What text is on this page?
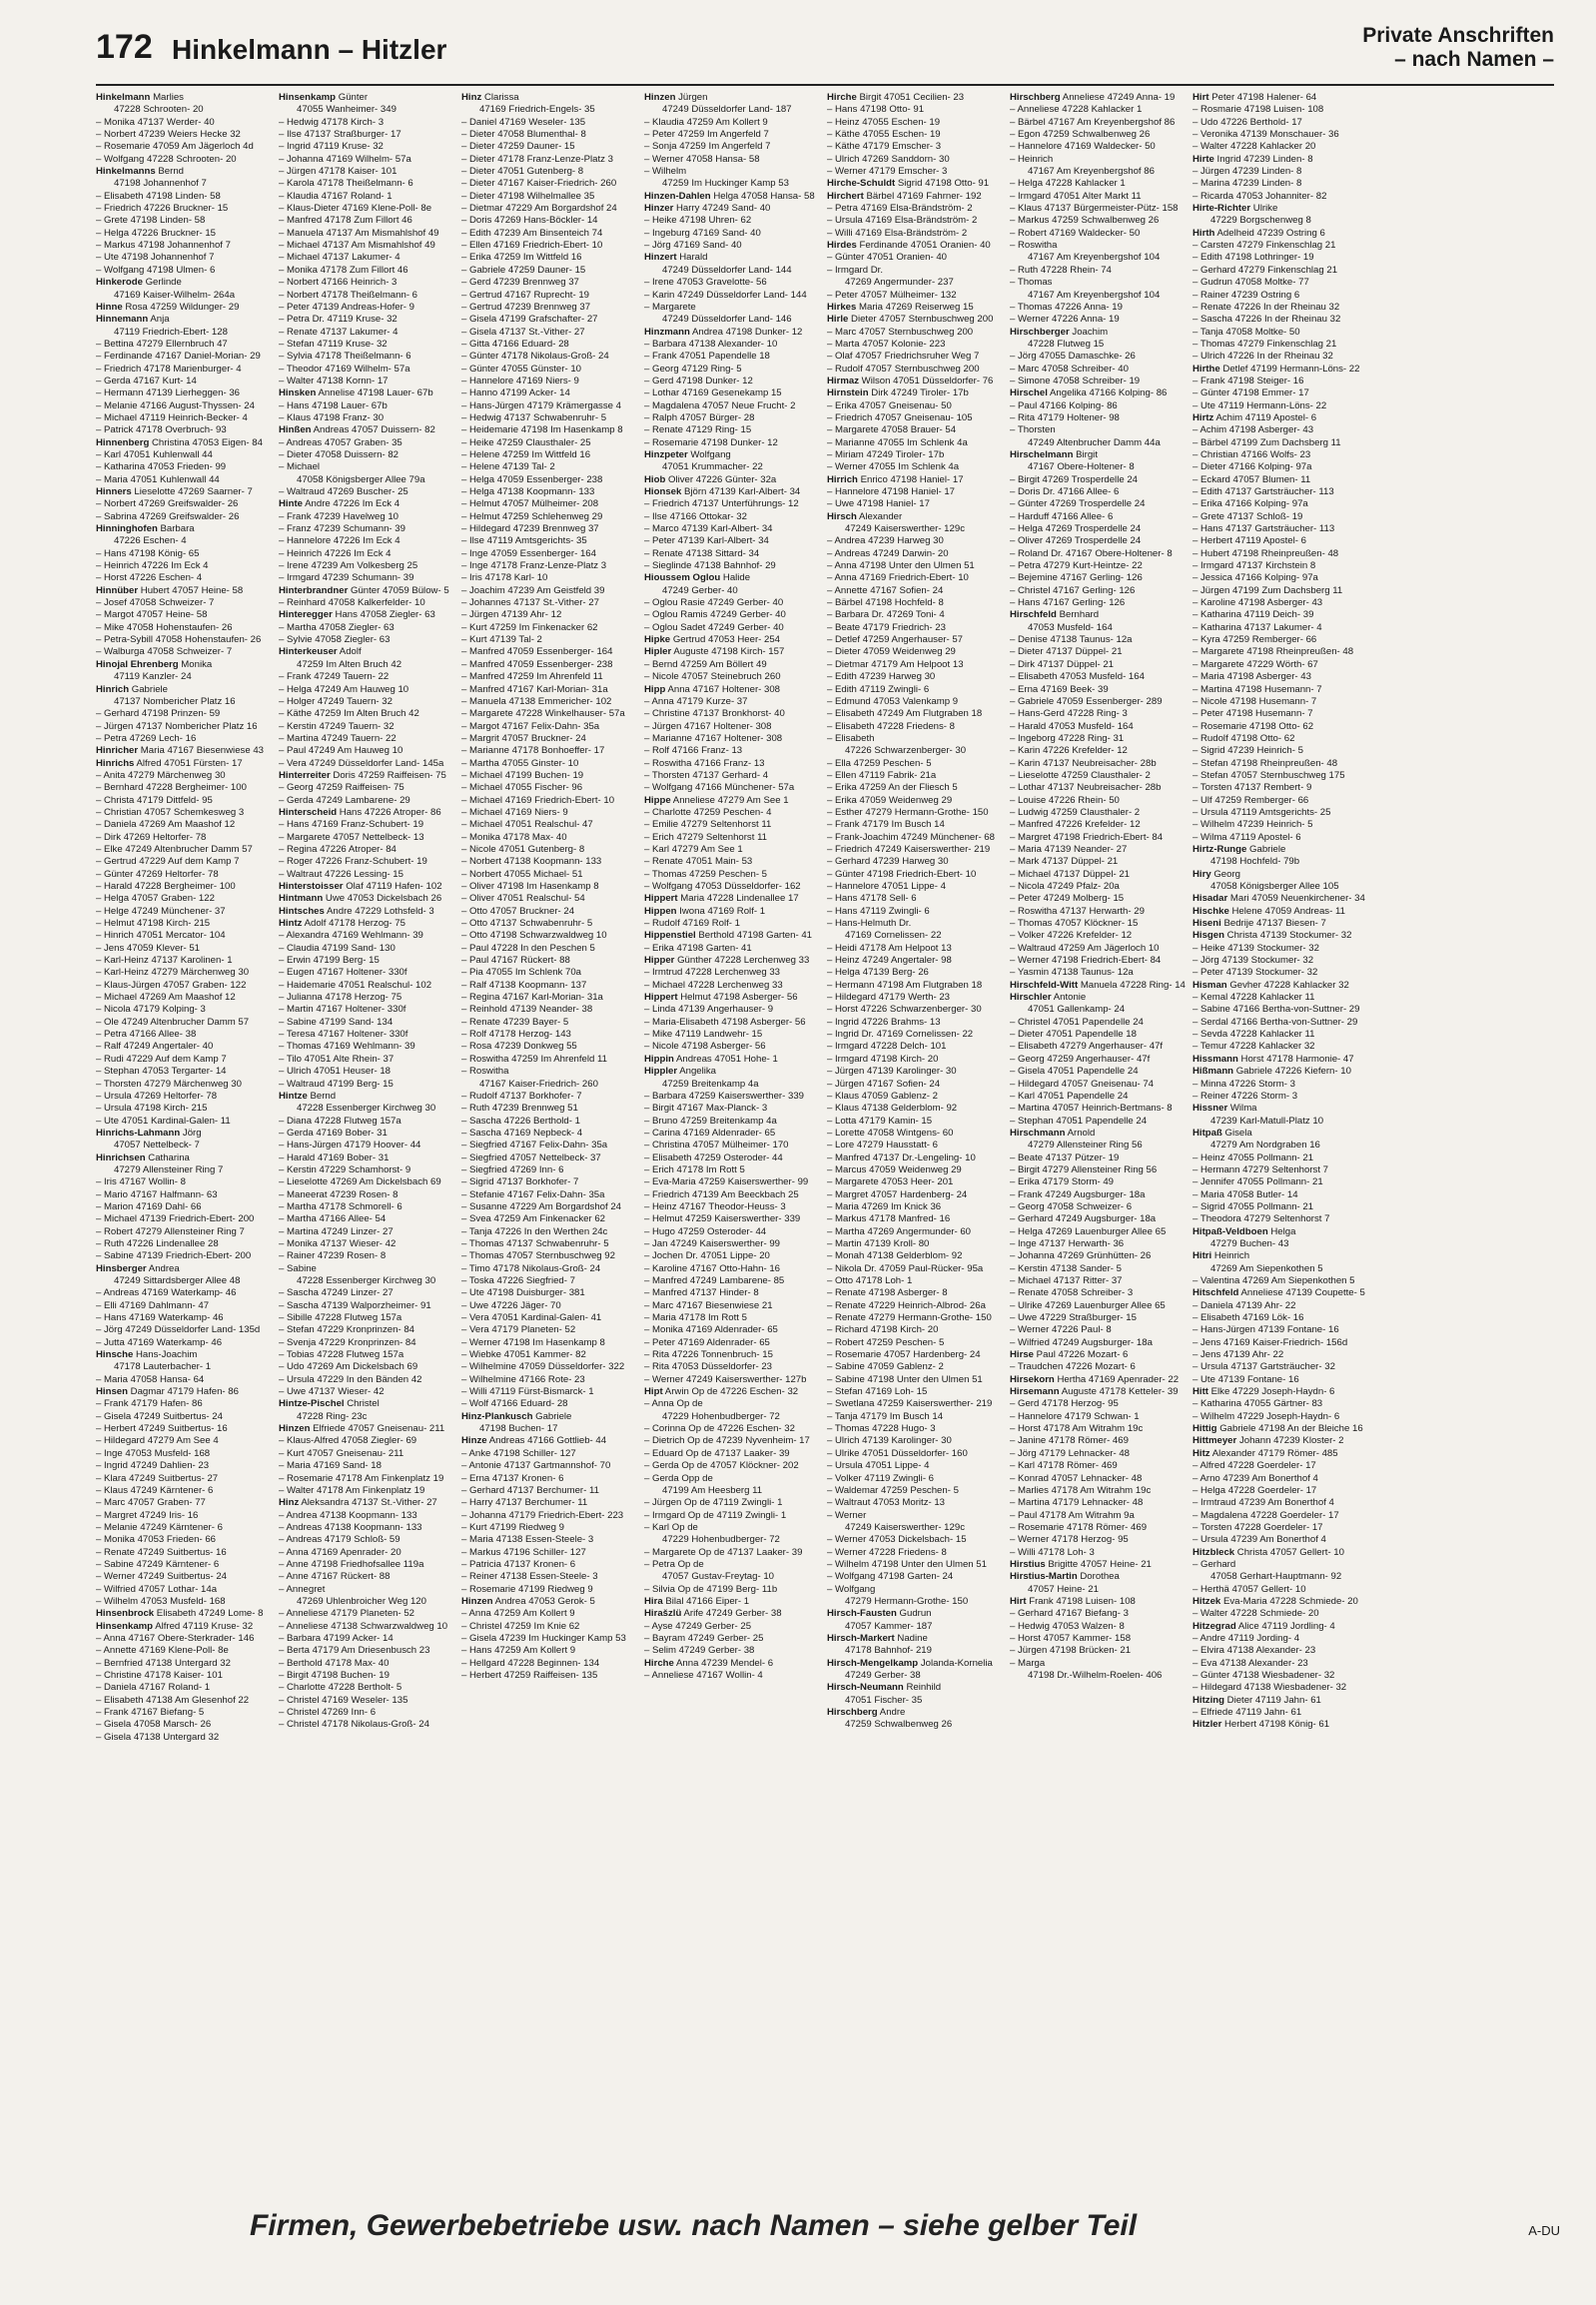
172 Hinkelmann – Hitzler	Private Anschriften
– nach Namen –
Hinkelmann Marlies
47228 Schrooten- 20
– Monika 47137 Werder- 40
– Norbert 47239 Weiers Hecke 32
– Rosemarie 47059 Am Jägerloch 4d
– Wolfgang 47228 Schrooten- 20
Hinkelmanns Bernd
47198 Johannenhof 7
– Elisabeth 47198 Linden- 58
– Friedrich 47226 Bruckner- 15
– Grete 47198 Linden- 58
– Helga 47226 Bruckner- 15
– Markus 47198 Johannenhof 7
– Ute 47198 Johannenhof 7
– Wolfgang 47198 Ulmen- 6
Hinkerode Gerlinde
47169 Kaiser-Wilhelm- 264a
Hinne Rosa 47259 Wildunger- 29
Hinnemann Anja
47119 Friedrich-Ebert- 128
– Bettina 47279 Ellernbruch 47
– Ferdinande 47167 Daniel-Morian- 29
– Friedrich 47178 Marienburger- 4
– Gerda 47167 Kurt- 14
– Hermann 47139 Lierheggen- 36
– Melanie 47166 August-Thyssen- 24
– Michael 47119 Heinrich-Becker- 4
– Patrick 47178 Overbruch- 93
Hinnenberg Christina 47053 Eigen- 84
– Karl 47051 Kuhlenwall 44
– Katharina 47053 Frieden- 99
– Maria 47051 Kuhlenwall 44
Hinners Lieselotte 47269 Saarner- 7
– Norbert 47269 Greifswalder- 26
– Sabrina 47269 Greifswalder- 26
Hinninghofen Barbara
47226 Eschen- 4
– Hans 47198 König- 65
– Heinrich 47226 Im Eck 4
– Horst 47226 Eschen- 4
Hinnüber Hubert 47057 Heine- 58
– Josef 47058 Schweizer- 7
– Margot 47057 Heine- 58
– Mike 47058 Hohenstaufen- 26
– Petra-Sybill 47058 Hohenstaufen- 26
– Walburga 47058 Schweizer- 7
Hinojal Ehrenberg Monika
47119 Kanzler- 24
Hinrich Gabriele
47137 Nombericher Platz 16
– Gerhard 47198 Prinzen- 59
– Jürgen 47137 Nombericher Platz 16
– Petra 47269 Lech- 16
Hinricher Maria 47167 Biesenwiese 43
Hinrichs Alfred 47051 Fürsten- 17
– Anita 47279 Märchenweg 30
– Bernhard 47228 Bergheimer- 100
– Christa 47179 Dittfeld- 95
– Christian 47057 Schemkesweg 3
– Daniela 47269 Am Maashof 12
– Dirk 47269 Heltorfer- 78
– Elke 47249 Altenbrucher Damm 57
– Gertrud 47229 Auf dem Kamp 7
– Günter 47269 Heltorfer- 78
– Harald 47228 Bergheimer- 100
– Helga 47057 Graben- 122
– Helge 47249 Münchener- 37
– Helmut 47198 Kirch- 215
– Hinrich 47051 Mercator- 104
– Jens 47059 Klever- 51
– Karl-Heinz 47137 Karolinen- 1
– Karl-Heinz 47279 Märchenweg 30
– Klaus-Jürgen 47057 Graben- 122
– Michael 47269 Am Maashof 12
– Nicola 47179 Kolping- 3
– Ole 47249 Altenbrucher Damm 57
– Petra 47166 Allee- 38
– Ralf 47249 Angertaler- 40
– Rudi 47229 Auf dem Kamp 7
– Stephan 47053 Tergarter- 14
– Thorsten 47279 Märchenweg 30
– Ursula 47269 Heltorfer- 78
– Ursula 47198 Kirch- 215
– Ute 47051 Kardinal-Galen- 11
Hinrichs-Lahmann Jörg
47057 Nettelbeck- 7
Hinrichsen Catharina
47279 Allensteiner Ring 7
– Iris 47167 Wollin- 8
– Mario 47167 Halfmann- 63
– Marion 47169 Dahl- 66
– Michael 47139 Friedrich-Ebert- 200
– Robert 47279 Allensteiner Ring 7
– Ruth 47226 Lindenallee 28
– Sabine 47139 Friedrich-Ebert- 200
Hinsberger Andrea
47249 Sittardsberger Allee 48
– Andreas 47169 Waterkamp- 46
– Elli 47169 Dahlmann- 47
– Hans 47169 Waterkamp- 46
– Jörg 47249 Düsseldorfer Land- 135d
– Jutta 47169 Waterkamp- 46
Hinsche Hans-Joachim
47178 Lauterbacher- 1
– Maria 47058 Hansa- 64
Hinsen Dagmar 47179 Hafen- 86
– Frank 47179 Hafen- 86
– Gisela 47249 Suitbertus- 24
– Herbert 47249 Suitbertus- 16
– Hildegard 47279 Am See 4
– Inge 47053 Musfeld- 168
– Ingrid 47249 Dahlien- 23
– Klara 47249 Suitbertus- 27
– Klaus 47249 Kärntener- 6
– Marc 47057 Graben- 77
– Margret 47249 Iris- 16
– Melanie 47249 Kärntener- 6
– Monika 47053 Frieden- 66
– Renate 47249 Suitbertus- 16
– Sabine 47249 Kärntener- 6
– Werner 47249 Suitbertus- 24
– Wilfried 47057 Lothar- 14a
– Wilhelm 47053 Musfeld- 168
Hinsenbrock Elisabeth 47249 Lome- 8
Hinsenkamp Alfred 47119 Kruse- 32
– Anna 47167 Obere-Sterkrader- 146
– Annette 47169 Klene-Poll- 8e
– Bernfried 47138 Untergard 32
– Christine 47178 Kaiser- 101
– Daniela 47167 Roland- 1
– Elisabeth 47138 Am Glesenhof 22
– Frank 47167 Biefang- 5
– Gisela 47058 Marsch- 26
– Gisela 47138 Untergard 32
Hinsenkamp Günter
47055 Wanheimer- 349
– Hedwig 47178 Kirch- 3
– Ilse 47137 Straßburger- 17
– Ingrid 47119 Kruse- 32
– Johanna 47169 Wilhelm- 57a
– Jürgen 47178 Kaiser- 101
– Karola 47178 Theißelmann- 6
– Klaudia 47167 Roland- 1
– Klaus-Dieter 47169 Klene-Poll- 8e
– Manfred 47178 Zum Fillort 46
– Manuela 47137 Am Mismahlshof 49
– Michael 47137 Am Mismahlshof 49
– Michael 47137 Lakumer- 4
– Monika 47178 Zum Fillort 46
– Norbert 47166 Heinrich- 3
– Norbert 47178 Theißelmann- 6
– Peter 47139 Andreas-Hofer- 9
– Petra Dr. 47119 Kruse- 32
– Renate 47137 Lakumer- 4
– Stefan 47119 Kruse- 32
– Sylvia 47178 Theißelmann- 6
– Theodor 47169 Wilhelm- 57a
– Walter 47138 Kornn- 17
Hinsken Annelise 47198 Lauer- 67b
– Hans 47198 Lauer- 67b
– Klaus 47198 Franz- 30
Hinßen Andreas 47057 Duissern- 82
– Andreas 47057 Graben- 35
– Dieter 47058 Duissern- 82
– Michael
47058 Königsberger Allee 79a
– Waltraud 47269 Buscher- 25
Hinte Andre 47226 Im Eck 4
– Frank 47239 Havelweg 10
– Franz 47239 Schumann- 39
– Hannelore 47226 Im Eck 4
– Heinrich 47226 Im Eck 4
– Irene 47239 Am Volkesberg 25
– Irmgard 47239 Schumann- 39
Hinterbrandner Günter 47059 Bülow- 5
– Reinhard 47058 Kalkerfelder- 10
Hinteregger Hans 47058 Ziegler- 63
– Martha 47058 Ziegler- 63
– Sylvie 47058 Ziegler- 63
Hinterkeuser Adolf
47259 Im Alten Bruch 42
– Frank 47249 Tauern- 22
– Helga 47249 Am Hauweg 10
– Holger 47249 Tauern- 32
– Käthe 47259 Im Alten Bruch 42
– Kerstin 47249 Tauern- 32
– Martina 47249 Tauern- 22
– Paul 47249 Am Hauweg 10
– Vera 47249 Düsseldorfer Land- 145a
Hinterreiter Doris 47259 Raiffeisen- 75
– Georg 47259 Raiffeisen- 75
– Gerda 47249 Lambarene- 29
Hinterscheid Hans 47226 Atroper- 86
– Hans 47169 Franz-Schubert- 19
– Margarete 47057 Nettelbeck- 13
– Regina 47226 Atroper- 84
– Roger 47226 Franz-Schubert- 19
– Waltraut 47226 Lessing- 15
Hinterstoisser Olaf 47119 Hafen- 102
Hintmann Uwe 47053 Dickelsbach 26
Hintsches Andre 47229 Lothsfeld- 3
Hintz Adolf 47178 Herzog- 75
– Alexandra 47169 Wehlmann- 39
– Claudia 47199 Sand- 130
– Erwin 47199 Berg- 15
– Eugen 47167 Holtener- 330f
– Haidemarie 47051 Realschul- 102
– Julianna 47178 Herzog- 75
– Martin 47167 Holtener- 330f
– Sabine 47199 Sand- 134
– Teresa 47167 Holtener- 330f
– Thomas 47169 Wehlmann- 39
– Tilo 47051 Alte Rhein- 37
– Ulrich 47051 Heuser- 18
– Waltraud 47199 Berg- 15
Hintze Bernd
47228 Essenberger Kirchweg 30
– Diana 47228 Flutweg 157a
– Gerda 47169 Bober- 31
– Hans-Jürgen 47179 Hoover- 44
– Harald 47169 Bober- 31
– Kerstin 47229 Schamhorst- 9
– Lieselotte 47269 Am Dickelsbach 69
– Maneerat 47239 Rosen- 8
– Martha 47178 Schmorell- 6
– Martha 47166 Allee- 54
– Martina 47249 Linzer- 27
– Monika 47137 Wieser- 42
– Rainer 47239 Rosen- 8
– Sabine
47228 Essenberger Kirchweg 30
– Sascha 47249 Linzer- 27
– Sascha 47139 Walporzheimer- 91
– Sibille 47228 Flutweg 157a
– Stefan 47229 Kronprinzen- 84
– Svenja 47229 Kronprinzen- 84
– Tobias 47228 Flutweg 157a
– Udo 47269 Am Dickelsbach 69
– Ursula 47229 In den Bänden 42
– Uwe 47137 Wieser- 42
Hintze-Pischel Christel
47228 Ring- 23c
Hinzen Elfriede 47057 Gneisenau- 211
– Klaus-Alfred 47058 Ziegler- 69
– Kurt 47057 Gneisenau- 211
– Maria 47169 Sand- 18
– Rosemarie 47178 Am Finkenplatz 19
– Walter 47178 Am Finkenplatz 19
Hinz Aleksandra 47137 St.-Vither- 27
– Andrea 47138 Koopmann- 133
– Andreas 47138 Koopmann- 133
– Andreas 47179 Schloß- 59
– Anna 47169 Apenrader- 20
– Anne 47198 Friedhofsallee 119a
– Anne 47167 Rückert- 88
– Annegret
47269 Uhlenbroicher Weg 120
– Anneliese 47179 Planeten- 52
– Anneliese 47138 Schwarzwaldweg 10
– Barbara 47199 Acker- 14
– Berta 47179 Am Driesenbusch 23
– Berthold 47178 Max- 40
– Birgit 47198 Buchen- 19
– Charlotte 47228 Bertholt- 5
– Christel 47169 Weseler- 135
– Christel 47269 Inn- 6
– Christel 47178 Nikolaus-Groß- 24
Hinz Clarissa
47169 Friedrich-Engels- 35
– Daniel 47169 Weseler- 135
– Dieter 47058 Blumenthal- 8
– Dieter 47259 Dauner- 15
– Dieter 47178 Franz-Lenze-Platz 3
– Dieter 47051 Gutenberg- 8
– Dieter 47167 Kaiser-Friedrich- 260
– Dieter 47198 Wilhelmallee 35
– Dietmar 47229 Am Borgardshof 24
– Doris 47269 Hans-Böckler- 14
– Edith 47239 Am Binsenteich 74
– Ellen 47169 Friedrich-Ebert- 10
– Erika 47259 Im Wittfeld 16
– Gabriele 47259 Dauner- 15
– Gerd 47239 Brennweg 37
– Gertrud 47167 Ruprecht- 19
– Gertrud 47239 Brennweg 37
– Gisela 47199 Grafschafter- 27
– Gisela 47137 St.-Vither- 27
– Gitta 47166 Eduard- 28
– Günter 47178 Nikolaus-Groß- 24
– Günter 47055 Günster- 10
– Hannelore 47169 Niers- 9
– Hanno 47199 Acker- 14
– Hans-Jürgen 47179 Krämergasse 4
– Hedwig 47137 Schwabenruhr- 5
– Heidemarie 47198 Im Hasenkamp 8
– Heike 47259 Clausthaler- 25
– Helene 47259 Im Wittfeld 16
– Helene 47139 Tal- 2
– Helga 47059 Essenberger- 238
– Helga 47138 Koopmann- 133
– Helmut 47057 Mülheimer- 208
– Helmut 47259 Schlehenweg 29
– Hildegard 47239 Brennweg 37
– Ilse 47119 Amtsgerichts- 35
– Inge 47059 Essenberger- 164
– Inge 47178 Franz-Lenze-Platz 3
– Iris 47178 Karl- 10
– Joachim 47239 Am Geistfeld 39
– Johannes 47137 St.-Vither- 27
– Jürgen 47139 Ahr- 12
– Kurt 47259 Im Finkenacker 62
– Kurt 47139 Tal- 2
– Manfred 47059 Essenberger- 164
– Manfred 47059 Essenberger- 238
– Manfred 47259 Im Ahrenfeld 11
– Manfred 47167 Karl-Morian- 31a
– Manuela 47138 Emmericher- 102
– Margarete 47228 Winkelhauser- 57a
– Margot 47167 Felix-Dahn- 35a
– Margrit 47057 Bruckner- 24
– Marianne 47178 Bonhoeffer- 17
– Martha 47055 Ginster- 10
– Michael 47199 Buchen- 19
– Michael 47055 Fischer- 96
– Michael 47169 Friedrich-Ebert- 10
– Michael 47169 Niers- 9
– Michael 47051 Realschul- 47
– Monika 47178 Max- 40
– Nicole 47051 Gutenberg- 8
– Norbert 47138 Koopmann- 133
– Norbert 47055 Michael- 51
– Oliver 47198 Im Hasenkamp 8
– Oliver 47051 Realschul- 54
– Otto 47057 Bruckner- 24
– Otto 47137 Schwabenruhr- 5
– Otto 47198 Schwarzwaldweg 10
– Paul 47228 In den Peschen 5
– Paul 47167 Rückert- 88
– Pia 47055 Im Schlenk 70a
– Ralf 47138 Koopmann- 137
– Regina 47167 Karl-Morian- 31a
– Reinhold 47139 Neander- 38
– Renate 47239 Bayer- 5
– Rolf 47178 Herzog- 143
– Rosa 47239 Donkweg 55
– Roswitha 47259 Im Ahrenfeld 11
– Roswitha
47167 Kaiser-Friedrich- 260
– Rudolf 47137 Borkhofer- 7
– Ruth 47239 Brennweg 51
– Sascha 47226 Berthold- 1
– Sascha 47169 Nepbeck- 4
– Siegfried 47167 Felix-Dahn- 35a
– Siegfried 47057 Nettelbeck- 37
– Siegfried 47269 Inn- 6
– Sigrid 47137 Borkhofer- 7
– Stefanie 47167 Felix-Dahn- 35a
– Susanne 47229 Am Borgardshof 24
– Svea 47259 Am Finkenacker 62
– Tanja 47226 In den Werthen 24c
– Thomas 47137 Schwabenruhr- 5
– Thomas 47057 Sternbuschweg 92
– Timo 47178 Nikolaus-Groß- 24
– Toska 47226 Siegfried- 7
– Ute 47198 Duisburger- 381
– Uwe 47226 Jäger- 70
– Vera 47051 Kardinal-Galen- 41
– Vera 47179 Planeten- 52
– Werner 47198 Im Hasenkamp 8
– Wiebke 47051 Kammer- 82
– Wilhelmine 47059 Düsseldorfer- 322
– Wilhelmine 47166 Rote- 23
– Willi 47119 Fürst-Bismarck- 1
– Wolf 47166 Eduard- 28
Hinz-Plankusch Gabriele
47198 Buchen- 17
Hinze Andreas 47166 Gottlieb- 44
– Anke 47198 Schiller- 127
– Antonie 47137 Gartmannshof- 70
– Erna 47137 Kronen- 6
– Gerhard 47137 Berchumer- 11
– Harry 47137 Berchumer- 11
– Johanna 47179 Friedrich-Ebert- 223
– Kurt 47199 Riedweg 9
– Maria 47138 Essen-Steele- 3
– Markus 47196 Schiller- 127
– Patricia 47137 Kronen- 6
– Reiner 47138 Essen-Steele- 3
– Rosemarie 47199 Riedweg 9
Hinzen Andrea 47053 Gerok- 5
– Anna 47259 Am Kollert 9
– Christel 47259 Im Knie 62
– Gisela 47239 Im Huckinger Kamp 53
– Hans 47259 Am Kollert 9
– Hellgard 47228 Beginnen- 134
– Herbert 47259 Raiffeisen- 135
Hinzen Jürgen
47249 Düsseldorfer Land- 187
– Klaudia 47259 Am Kollert 9
– Peter 47259 Im Angerfeld 7
– Sonja 47259 Im Angerfeld 7
– Werner 47058 Hansa- 58
– Wilhelm
47259 Im Huckinger Kamp 53
Hinzen-Dahlen Helga 47058 Hansa- 58
Hinzer Harry 47249 Sand- 40
– Heike 47198 Uhren- 62
– Ingeburg 47169 Sand- 40
– Jörg 47169 Sand- 40
Hinzert Harald
47249 Düsseldorfer Land- 144
– Irene 47053 Gravelotte- 56
– Karin 47249 Düsseldorfer Land- 144
– Margarete
47249 Düsseldorfer Land- 146
Hinzmann Andrea 47198 Dunker- 12
– Barbara 47138 Alexander- 10
– Frank 47051 Papendelle 18
– Georg 47129 Ring- 5
– Gerd 47198 Dunker- 12
– Lothar 47169 Gesenekamp 15
– Magdalena 47057 Neue Frucht- 2
– Ralph 47057 Bürger- 28
– Renate 47129 Ring- 15
– Rosemarie 47198 Dunker- 12
Hinzpeter Wolfgang
47051 Krummacher- 22
Hiob Oliver 47226 Günter- 32a
Hionsek Björn 47139 Karl-Albert- 34
– Friedrich 47137 Unterführungs- 12
– Ilse 47166 Ottokar- 32
– Marco 47139 Karl-Albert- 34
– Peter 47139 Karl-Albert- 34
– Renate 47138 Sittard- 34
– Sieglinde 47138 Bahnhof- 29
Hioussem Oglou Halide
47249 Gerber- 40
– Oglou Rasie 47249 Gerber- 40
– Oglou Ramis 47249 Gerber- 40
– Oglou Sadet 47249 Gerber- 40
Hipke Gertrud 47053 Heer- 254
Hipler Auguste 47198 Kirch- 157
– Bernd 47259 Am Böllert 49
– Nicole 47057 Steinebruch 260
Hipp Anna 47167 Holtener- 308
– Anna 47179 Kurze- 37
– Christine 47137 Bronkhorst- 40
– Jürgen 47167 Holtener- 308
– Marianne 47167 Holtener- 308
– Rolf 47166 Franz- 13
– Roswitha 47166 Franz- 13
– Thorsten 47137 Gerhard- 4
– Wolfgang 47166 Münchener- 57a
Hippe Anneliese 47279 Am See 1
– Charlotte 47259 Peschen- 4
– Emilie 47279 Seltenhorst 11
– Erich 47279 Seltenhorst 11
– Karl 47279 Am See 1
– Renate 47051 Main- 53
– Thomas 47259 Peschen- 5
– Wolfgang 47053 Düsseldorfer- 162
Hippert Maria 47228 Lindenallee 17
Hippen Iwona 47169 Rolf- 1
– Rudolf 47169 Rolf- 1
Hippenstiel Berthold 47198 Garten- 41
– Erika 47198 Garten- 41
Hipper Günther 47228 Lerchenweg 33
– Irmtrud 47228 Lerchenweg 33
– Michael 47228 Lerchenweg 33
Hippert Helmut 47198 Asberger- 56
– Linda 47139 Angerhauser- 9
– Maria-Elisabeth 47198 Asberger- 56
– Mike 47119 Landwehr- 15
– Nicole 47198 Asberger- 56
Hippin Andreas 47051 Hohe- 1
Hippler Angelika
47259 Breitenkamp 4a
– Barbara 47259 Kaiserswerther- 339
– Birgit 47167 Max-Planck- 3
– Bruno 47259 Breitenkamp 4a
– Carina 47169 Aldenrader- 65
– Christina 47057 Mülheimer- 170
– Elisabeth 47259 Osteroder- 44
– Erich 47178 Im Rott 5
– Eva-Maria 47259 Kaiserswerther- 99
– Friedrich 47139 Am Beeckbach 25
– Heinz 47167 Theodor-Heuss- 3
– Helmut 47259 Kaiserswerther- 339
– Hugo 47259 Osteroder- 44
– Jan 47249 Kaiserswerther- 99
– Jochen Dr. 47051 Lippe- 20
– Karoline 47167 Otto-Hahn- 16
– Manfred 47249 Lambarene- 85
– Manfred 47137 Hinder- 8
– Marc 47167 Biesenwiese 21
– Maria 47178 Im Rott 5
– Monika 47169 Aldenrader- 65
– Peter 47169 Aldenrader- 65
– Rita 47226 Tonnenbruch- 15
– Rita 47053 Düsseldorfer- 23
– Werner 47249 Kaiserswerther- 127b
Hipt Arwin Op de 47226 Eschen- 32
– Anna Op de
47229 Hohenbudberger- 72
– Corinna Op de 47226 Eschen- 32
– Dietrich Op de 47239 Nyvenheim- 17
– Eduard Op de 47137 Laaker- 39
– Gerda Op de 47057 Klöckner- 202
– Gerda Opp de
47199 Am Heesberg 11
– Jürgen Op de 47119 Zwingli- 1
– Irmgard Op de 47119 Zwingli- 1
– Karl Op de
47229 Hohenbudberger- 72
– Margarete Op de 47137 Laaker- 39
– Petra Op de
47057 Gustav-Freytag- 10
– Silvia Op de 47199 Berg- 11b
Hira Bilal 47166 Eiper- 1
Hirašzlü Arife 47249 Gerber- 38
– Ayse 47249 Gerber- 25
– Bayram 47249 Gerber- 25
– Selim 47249 Gerber- 38
Hirche Anna 47239 Mendel- 6
– Anneliese 47167 Wollin- 4
Hirche Birgit 47051 Cecilien- 23
– Hans 47198 Otto- 91
– Heinz 47055 Eschen- 19
– Käthe 47055 Eschen- 19
– Käthe 47179 Emscher- 3
– Ulrich 47269 Sanddorn- 30
– Werner 47179 Emscher- 3
Hirche-Schuldt Sigrid 47198 Otto- 91
Hirchert Bärbel 47169 Fahrner- 192
– Petra 47169 Elsa-Brändström- 2
– Ursula 47169 Elsa-Brändström- 2
– Willi 47169 Elsa-Brändström- 2
Hirdes Ferdinande 47051 Oranien- 40
– Günter 47051 Oranien- 40
– Irmgard Dr.
47269 Angermunder- 237
– Peter 47057 Mülheimer- 132
Hirkes Maria 47269 Reiserweg 15
Hirle Dieter 47057 Sternbuschweg 200
– Marc 47057 Sternbuschweg 200
– Marta 47057 Kolonie- 223
– Olaf 47057 Friedrichsruher Weg 7
– Rudolf 47057 Sternbuschweg 200
Hirmaz Wilson 47051 Düsseldorfer- 76
Hirnstein Dirk 47249 Tiroler- 17b
– Erika 47057 Gneisenau- 50
– Friedrich 47057 Gneisenau- 105
– Margarete 47058 Brauer- 54
– Marianne 47055 Im Schlenk 4a
– Miriam 47249 Tiroler- 17b
– Werner 47055 Im Schlenk 4a
Hirrich Enrico 47198 Haniel- 17
– Hannelore 47198 Haniel- 17
– Uwe 47198 Haniel- 17
Hirsch Alexander
47249 Kaiserswerther- 129c
– Andrea 47239 Harweg 30
– Andreas 47249 Darwin- 20
– Anna 47198 Unter den Ulmen 51
– Anna 47169 Friedrich-Ebert- 10
– Annette 47167 Sofien- 24
– Bärbel 47198 Hochfeld- 8
– Barbara Dr. 47269 Toni- 4
– Beate 47179 Friedrich- 23
– Detlef 47259 Angerhauser- 57
– Dieter 47059 Weidenweg 29
– Dietmar 47179 Am Helpoot 13
– Edith 47239 Harweg 30
– Edith 47119 Zwingli- 6
– Edmund 47053 Valenkamp 9
– Elisabeth 47249 Am Flutgraben 18
– Elisabeth 47228 Friedens- 8
– Elisabeth
47226 Schwarzenberger- 30
– Ella 47259 Peschen- 5
– Ellen 47119 Fabrik- 21a
– Erika 47259 An der Fliesch 5
– Erika 47059 Weidenweg 29
– Esther 47279 Hermann-Grothe- 150
– Frank 47179 Im Busch 14
– Frank-Joachim 47249 Münchener- 68
– Friedrich 47249 Kaiserswerther- 219
– Gerhard 47239 Harweg 30
– Günter 47198 Friedrich-Ebert- 10
– Hannelore 47051 Lippe- 4
– Hans 47178 Sell- 6
– Hans 47119 Zwingli- 6
– Hans-Helmuth Dr.
47169 Cornelissen- 22
– Heidi 47178 Am Helpoot 13
– Heinz 47249 Angertaler- 98
– Helga 47139 Berg- 26
– Hermann 47198 Am Flutgraben 18
– Hildegard 47179 Werth- 23
– Horst 47226 Schwarzenberger- 30
– Ingrid 47226 Brahms- 13
– Ingrid Dr. 47169 Cornelissen- 22
– Irmgard 47228 Delch- 101
– Irmgard 47198 Kirch- 20
– Jürgen 47139 Karolinger- 30
– Jürgen 47167 Sofien- 24
– Klaus 47059 Gablenz- 2
– Klaus 47138 Gelderblom- 92
– Lotta 47179 Kamin- 15
– Lorette 47058 Wintgens- 60
– Lore 47279 Hausstatt- 6
– Manfred 47137 Dr.-Lengeling- 10
– Marcus 47059 Weidenweg 29
– Margarete 47053 Heer- 201
– Margret 47057 Hardenberg- 24
– Maria 47269 Im Knick 36
– Markus 47178 Manfred- 16
– Martha 47269 Angermunder- 60
– Martin 47139 Kroll- 80
– Monah 47138 Gelderblom- 92
– Nikola Dr. 47059 Paul-Rücker- 95a
– Otto 47178 Loh- 1
– Renate 47198 Asberger- 8
– Renate 47229 Heinrich-Albrod- 26a
– Renate 47279 Hermann-Grothe- 150
– Richard 47198 Kirch- 20
– Robert 47259 Peschen- 5
– Rosemarie 47057 Hardenberg- 24
– Sabine 47059 Gablenz- 2
– Sabine 47198 Unter den Ulmen 51
– Stefan 47169 Loh- 15
– Swetlana 47259 Kaiserswerther- 219
– Tanja 47179 Im Busch 14
– Thomas 47228 Hugo- 3
– Ulrich 47139 Karolinger- 30
– Ulrike 47051 Düsseldorfer- 160
– Ursula 47051 Lippe- 4
– Volker 47119 Zwingli- 6
– Waldemar 47259 Peschen- 5
– Waltraut 47053 Moritz- 13
– Werner
47249 Kaiserswerther- 129c
– Werner 47053 Dickelsbach- 15
– Werner 47228 Friedens- 8
– Wilhelm 47198 Unter den Ulmen 51
– Wolfgang 47198 Garten- 24
– Wolfgang
47279 Hermann-Grothe- 150
Hirsch-Fausten Gudrun
47057 Kammer- 187
Hirsch-Markert Nadine
47178 Bahnhof- 219
Hirsch-Mengelkamp Jolanda-Kornelia
47249 Gerber- 38
Hirsch-Neumann Reinhild
47051 Fischer- 35
Hirschberg Andre
47259 Schwalbenweg 26
Hirschberg Anneliese 47249 Anna- 19
– Anneliese 47228 Kahlacker 1
– Bärbel 47167 Am Kreyenbergshof 86
– Egon 47259 Schwalbenweg 26
– Hannelore 47169 Waldecker- 50
– Heinrich
47167 Am Kreyenbergshof 86
– Helga 47228 Kahlacker 1
– Irmgard 47051 Alter Markt 11
– Klaus 47137 Bürgermeister-Pütz- 158
– Markus 47259 Schwalbenweg 26
– Robert 47169 Waldecker- 50
– Roswitha
47167 Am Kreyenbergshof 104
– Ruth 47228 Rhein- 74
– Thomas
47167 Am Kreyenbergshof 104
– Thomas 47226 Anna- 19
– Werner 47226 Anna- 19
Hirschberger Joachim
47228 Flutweg 15
– Jörg 47055 Damaschke- 26
– Marc 47058 Schreiber- 40
– Simone 47058 Schreiber- 19
Hirschel Angelika 47166 Kolping- 86
– Paul 47166 Kolping- 86
– Rita 47179 Holtener- 98
– Thorsten
47249 Altenbrucher Damm 44a
Hirschelmann Birgit
47167 Obere-Holtener- 8
– Birgit 47269 Trosperdelle 24
– Doris Dr. 47166 Allee- 6
– Günter 47269 Trosperdelle 24
– Harduff 47166 Allee- 6
– Helga 47269 Trosperdelle 24
– Oliver 47269 Trosperdelle 24
– Roland Dr. 47167 Obere-Holtener- 8
– Petra 47279 Kurt-Heintze- 22
– Bejemine 47167 Gerling- 126
– Christel 47167 Gerling- 126
– Hans 47167 Gerling- 126
Hirschfeld Bernhard
47053 Musfeld- 164
– Denise 47138 Taunus- 12a
– Dieter 47137 Düppel- 21
– Dirk 47137 Düppel- 21
– Elisabeth 47053 Musfeld- 164
– Erna 47169 Beek- 39
– Gabriele 47059 Essenberger- 289
– Hans-Gerd 47228 Ring- 3
– Harald 47053 Musfeld- 164
– Ingeborg 47228 Ring- 31
– Karin 47226 Krefelder- 12
– Karin 47137 Neubreisacher- 28b
– Lieselotte 47259 Clausthaler- 2
– Lothar 47137 Neubreisacher- 28b
– Louise 47226 Rhein- 50
– Ludwig 47259 Clausthaler- 2
– Manfred 47226 Krefelder- 12
– Margret 47198 Friedrich-Ebert- 84
– Maria 47139 Neander- 27
– Mark 47137 Düppel- 21
– Michael 47137 Düppel- 21
– Nicola 47249 Pfalz- 20a
– Peter 47249 Molberg- 15
– Roswitha 47137 Herwarth- 29
– Thomas 47057 Klöckner- 15
– Volker 47226 Krefelder- 12
– Waltraud 47259 Am Jägerloch 10
– Werner 47198 Friedrich-Ebert- 84
– Yasmin 47138 Taunus- 12a
Hirschfeld-Witt Manuela 47228 Ring- 14
Hirschler Antonie
47051 Gallenkamp- 24
– Christel 47051 Papendelle 24
– Dieter 47051 Papendelle 18
– Elisabeth 47279 Angerhauser- 47f
– Georg 47259 Angerhauser- 47f
– Gisela 47051 Papendelle 24
– Hildegard 47057 Gneisenau- 74
– Karl 47051 Papendelle 24
– Martina 47057 Heinrich-Bertmans- 8
– Stephan 47051 Papendelle 24
Hirschmann Arnold
47279 Allensteiner Ring 56
– Beate 47137 Pützer- 19
– Birgit 47279 Allensteiner Ring 56
– Erika 47179 Storm- 49
– Frank 47249 Augsburger- 18a
– Georg 47058 Schweizer- 6
– Gerhard 47249 Augsburger- 18a
– Helga 47269 Lauenburger Allee 65
– Inge 47137 Herwarth- 36
– Johanna 47269 Grünhütten- 26
– Kerstin 47138 Sander- 5
– Michael 47137 Ritter- 37
– Renate 47058 Schreiber- 3
– Ulrike 47269 Lauenburger Allee 65
– Uwe 47229 Straßburger- 15
– Werner 47226 Paul- 8
– Wilfried 47249 Augsburger- 18a
Hirse Paul 47226 Mozart- 6
– Traudchen 47226 Mozart- 6
Hirsekorn Hertha 47169 Apenrader- 22
Hirsemann Auguste 47178 Ketteler- 39
– Gerd 47178 Herzog- 95
– Hannelore 47179 Schwan- 1
– Horst 47178 Am Witrahm 19c
– Janine 47178 Römer- 469
– Jörg 47179 Lehnacker- 48
– Karl 47178 Römer- 469
– Konrad 47057 Lehnacker- 48
– Marlies 47178 Am Witrahm 19c
– Martina 47179 Lehnacker- 48
– Paul 47178 Am Witrahm 9a
– Rosemarie 47178 Römer- 469
– Werner 47178 Herzog- 95
– Willi 47178 Loh- 3
Hirstius Brigitte 47057 Heine- 21
Hirstius-Martin Dorothea
47057 Heine- 21
Hirt Frank 47198 Luisen- 108
– Gerhard 47167 Biefang- 3
– Hedwig 47053 Walzen- 8
– Horst 47057 Kammer- 158
– Jürgen 47198 Brücken- 21
– Marga
47198 Dr.-Wilhelm-Roelen- 406
Hirt Peter 47198 Halener- 64
– Rosmarie 47198 Luisen- 108
– Udo 47226 Berthold- 17
– Veronika 47139 Monschauer- 36
– Walter 47228 Kahlacker 20
Hirte Ingrid 47239 Linden- 8
– Jürgen 47239 Linden- 8
– Marina 47239 Linden- 8
– Ricarda 47053 Johanniter- 82
Hirte-Richter Ulrike
47229 Borgschenweg 8
Hirth Adelheid 47239 Ostring 6
– Carsten 47279 Finkenschlag 21
– Edith 47198 Lothringer- 19
– Gerhard 47279 Finkenschlag 21
– Gudrun 47058 Moltke- 77
– Rainer 47239 Ostring 6
– Renate 47226 In der Rheinau 32
– Sascha 47226 In der Rheinau 32
– Tanja 47058 Moltke- 50
– Thomas 47279 Finkenschlag 21
– Ulrich 47226 In der Rheinau 32
Hirthe Detlef 47199 Hermann-Löns- 22
– Frank 47198 Steiger- 16
– Günter 47198 Emmer- 17
– Ute 47119 Hermann-Löns- 22
Hirtz Achim 47119 Apostel- 6
– Achim 47198 Asberger- 43
– Bärbel 47199 Zum Dachsberg 11
– Christian 47166 Wolfs- 23
– Dieter 47166 Kolping- 97a
– Eckard 47057 Blumen- 11
– Edith 47137 Gartsträucher- 113
– Erika 47166 Kolping- 97a
– Grete 47137 Schloß- 19
– Hans 47137 Gartsträucher- 113
– Herbert 47119 Apostel- 6
– Hubert 47198 Rheinpreußen- 48
– Irmgard 47137 Kirchstein 8
– Jessica 47166 Kolping- 97a
– Jürgen 47199 Zum Dachsberg 11
– Karoline 47198 Asberger- 43
– Katharina 47119 Deich- 39
– Katharina 47137 Lakumer- 4
– Kyra 47259 Remberger- 66
– Margarete 47198 Rheinpreußen- 48
– Margarete 47229 Wörth- 67
– Maria 47198 Asberger- 43
– Martina 47198 Husemann- 7
– Nicole 47198 Husemann- 7
– Peter 47198 Husemann- 7
– Rosemarie 47198 Otto- 62
– Rudolf 47198 Otto- 62
– Sigrid 47239 Heinrich- 5
– Stefan 47198 Rheinpreußen- 48
– Stefan 47057 Sternbuschweg 175
– Torsten 47137 Rembert- 9
– Ulf 47259 Remberger- 66
– Ursula 47119 Amtsgerichts- 25
– Wilhelm 47239 Heinrich- 5
– Wilma 47119 Apostel- 6
Hirtz-Runge Gabriele
47198 Hochfeld- 79b
Hiry Georg
47058 Königsberger Allee 105
Hisadar Mari 47059 Neuenkirchener- 34
Hischke Helene 47059 Andreas- 11
Hiseni Bedrije 47137 Biesen- 7
Hisgen Christa 47139 Stockumer- 32
– Heike 47139 Stockumer- 32
– Jörg 47139 Stockumer- 32
– Peter 47139 Stockumer- 32
Hisman Gevher 47228 Kahlacker 32
– Kemal 47228 Kahlacker 11
– Sabine 47166 Bertha-von-Suttner- 29
– Serdal 47166 Bertha-von-Suttner- 29
– Sevda 47228 Kahlacker 11
– Temur 47228 Kahlacker 32
Hissmann Horst 47178 Harmonie- 47
Hißmann Gabriele 47226 Kiefern- 10
– Minna 47226 Storm- 3
– Reiner 47226 Storm- 3
Hissner Wilma
47239 Karl-Matull-Platz 10
Hitpaß Gisela
47279 Am Nordgraben 16
– Heinz 47055 Pollmann- 21
– Hermann 47279 Seltenhorst 7
– Jennifer 47055 Pollmann- 21
– Maria 47058 Butler- 14
– Sigrid 47055 Pollmann- 21
– Theodora 47279 Seltenhorst 7
Hitpaß-Veldboen Helga
47279 Buchen- 43
Hitri Heinrich
47269 Am Siepenkothen 5
– Valentina 47269 Am Siepenkothen 5
Hitschfeld Anneliese 47139 Coupette- 5
– Daniela 47139 Ahr- 22
– Elisabeth 47169 Lök- 16
– Hans-Jürgen 47139 Fontane- 16
– Jens 47169 Kaiser-Friedrich- 156d
– Jens 47139 Ahr- 22
– Ursula 47137 Gartsträucher- 32
– Ute 47139 Fontane- 16
Hitt Elke 47229 Joseph-Haydn- 6
– Katharina 47055 Gärtner- 83
– Wilhelm 47229 Joseph-Haydn- 6
Hittig Gabriele 47198 An der Bleiche 16
Hittmeyer Johann 47239 Kloster- 2
Hitz Alexander 47179 Römer- 485
– Alfred 47228 Goerdeler- 17
– Arno 47239 Am Bonerthof 4
– Helga 47228 Goerdeler- 17
– Irmtraud 47239 Am Bonerthof 4
– Magdalena 47228 Goerdeler- 17
– Torsten 47228 Goerdeler- 17
– Ursula 47239 Am Bonerthof 4
Hitzbleck Christa 47057 Gellert- 10
– Gerhard
47058 Gerhart-Hauptmann- 92
– Herthä 47057 Gellert- 10
Hitzek Eva-Maria 47228 Schmiede- 20
– Walter 47228 Schmiede- 20
Hitzegrad Alice 47119 Jordling- 4
– Andre 47119 Jording- 4
– Elvira 47138 Alexander- 23
– Eva 47138 Alexander- 23
– Günter 47138 Wiesbadener- 32
– Hildegard 47138 Wiesbadener- 32
Hitzing Dieter 47119 Jahn- 61
– Elfriede 47119 Jahn- 61
Hitzler Herbert 47198 König- 61
Firmen, Gewerbebetriebe usw. nach Namen – siehe gelber Teil	A-DU
